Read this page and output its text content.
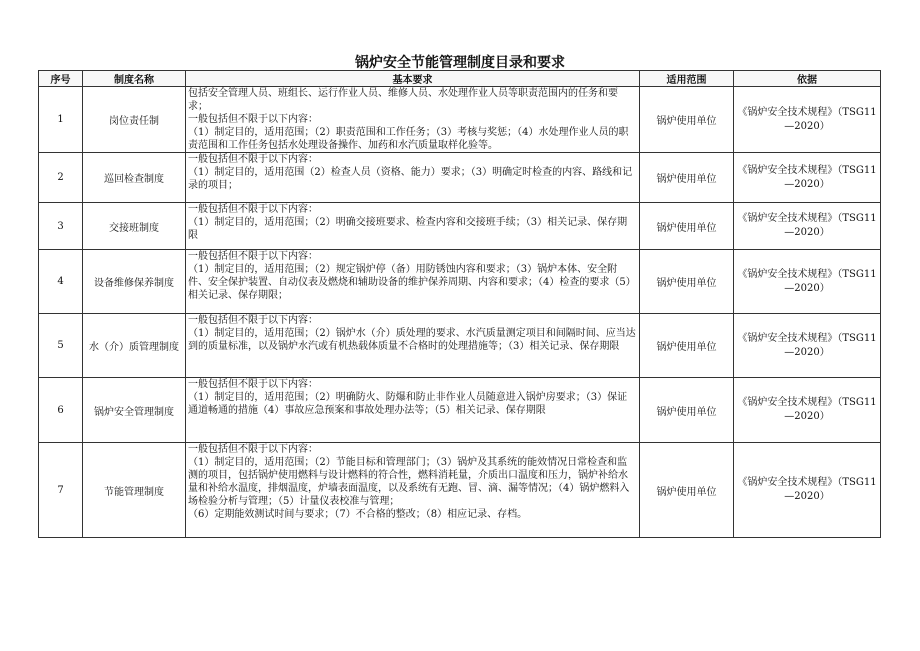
锅炉安全节能管理制度目录和要求
序号	制度名称	基本要求	适用范围	依据
1	岗位责任制	包括安全管理人员、班组长、运行作业人员、维修人员、水处理作业人员等职责范围内的任务和要求；
一般包括但不限于以下内容：
（1）制定目的，适用范围；（2）职责范围和工作任务；（3）考核与奖惩；（4）水处理作业人员的职责范围和工作任务包括水处理设备操作、加药和水汽质量取样化验等。	锅炉使用单位	《锅炉安全技术规程》（TSG11—2020）
2	巡回检查制度	一般包括但不限于以下内容：
（1）制定目的，适用范围（2）检查人员（资格、能力）要求；（3）明确定时检查的内容、路线和记录的项目；	锅炉使用单位	《锅炉安全技术规程》（TSG11—2020）
3	交接班制度	一般包括但不限于以下内容：
（1）制定目的，适用范围；（2）明确交接班要求、检查内容和交接班手续；（3）相关记录、保存期限	锅炉使用单位	《锅炉安全技术规程》（TSG11—2020）
4	设备维修保养制度	一般包括但不限于以下内容：
（1）制定目的，适用范围；（2）规定锅炉停（备）用防锈蚀内容和要求；（3）锅炉本体、安全附件、安全保护装置、自动仪表及燃烧和辅助设备的维护保养周期、内容和要求；（4）检查的要求（5）相关记录、保存期限；	锅炉使用单位	《锅炉安全技术规程》（TSG11—2020）
5	水（介）质管理制度	一般包括但不限于以下内容：
（1）制定目的，适用范围；（2）锅炉水（介）质处理的要求、水汽质量测定项目和间隔时间、应当达到的质量标准，以及锅炉水汽或有机热载体质量不合格时的处理措施等；（3）相关记录、保存期限	锅炉使用单位	《锅炉安全技术规程》（TSG11—2020）
6	锅炉安全管理制度	一般包括但不限于以下内容：
（1）制定目的，适用范围；（2）明确防火、防爆和防止非作业人员随意进入锅炉房要求；（3）保证通道畅通的措施（4）事故应急预案和事故处理办法等；（5）相关记录、保存期限	锅炉使用单位	《锅炉安全技术规程》（TSG11—2020）
7	节能管理制度	一般包括但不限于以下内容：
（1）制定目的，适用范围；（2）节能目标和管理部门；（3）锅炉及其系统的能效情况日常检查和监测的项目，包括锅炉使用燃料与设计燃料的符合性，燃料消耗量，介质出口温度和压力，锅炉补给水量和补给水温度，排烟温度，炉墙表面温度，以及系统有无跑、冒、滴、漏等情况；（4）锅炉燃料入场检验分析与管理；（5）计量仪表校准与管理；
（6）定期能效测试时间与要求；（7）不合格的整改；（8）相应记录、存档。	锅炉使用单位	《锅炉安全技术规程》（TSG11—2020）
